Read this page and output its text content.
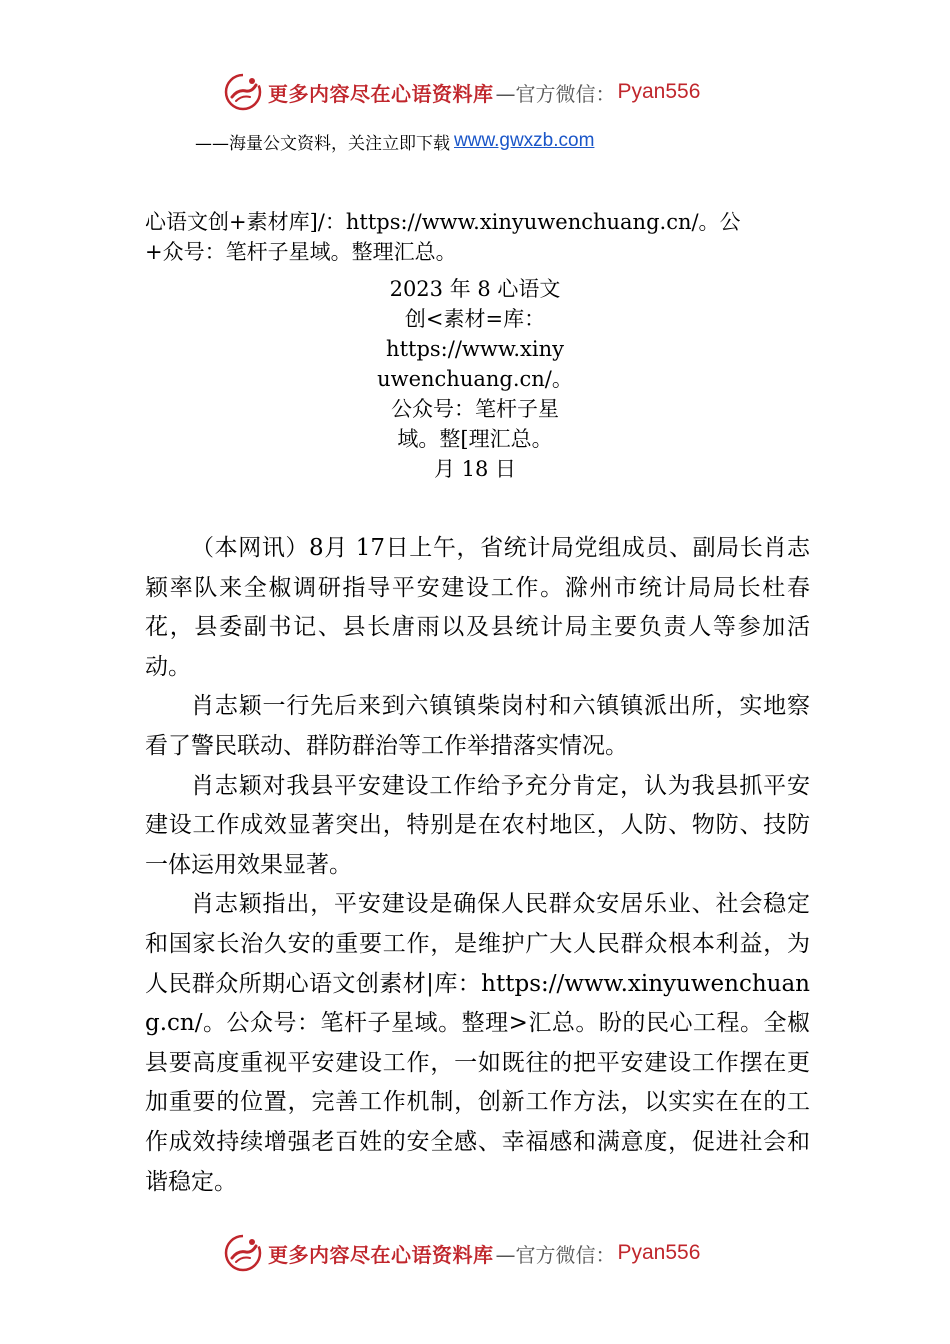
更多内容尽在心语资料库 —官方微信： Pyan556
——海量公文资料，关注立即下载 www.gwxzb.com

心语文创+素材库]/：https://www.xinyuwenchuang.cn/。公

+众号：笔杆子星域。整理汇总。

2023 年 8 心语文
创<素材=库：
https://www.xiny
uwenchuang.cn/。
公众号：笔杆子星
域。整[理汇总。
月 18 日

（本网讯）8月 17日上午，省统计局党组成员、副局长肖志颖率队来全椒调研指导平安建设工作。滁州市统计局局长杜春花，县委副书记、县长唐雨以及县统计局主要负责人等参加活动。

肖志颖一行先后来到六镇镇柴岗村和六镇镇派出所，实地察看了警民联动、群防群治等工作举措落实情况。

肖志颖对我县平安建设工作给予充分肯定，认为我县抓平安建设工作成效显著突出，特别是在农村地区，人防、物防、技防一体运用效果显著。

肖志颖指出，平安建设是确保人民群众安居乐业、社会稳定和国家长治久安的重要工作，是维护广大人民群众根本利益，为人民群众所期心语文创素材|库：https://www.xinyuwenchuang.cn/。公众号：笔杆子星域。整理>汇总。盼的民心工程。全椒县要高度重视平安建设工作，一如既往的把平安建设工作摆在更加重要的位置，完善工作机制，创新工作方法，以实实在在的工作成效持续增强老百姓的安全感、幸福感和满意度，促进社会和谐稳定。

更多内容尽在心语资料库 —官方微信： Pyan556
